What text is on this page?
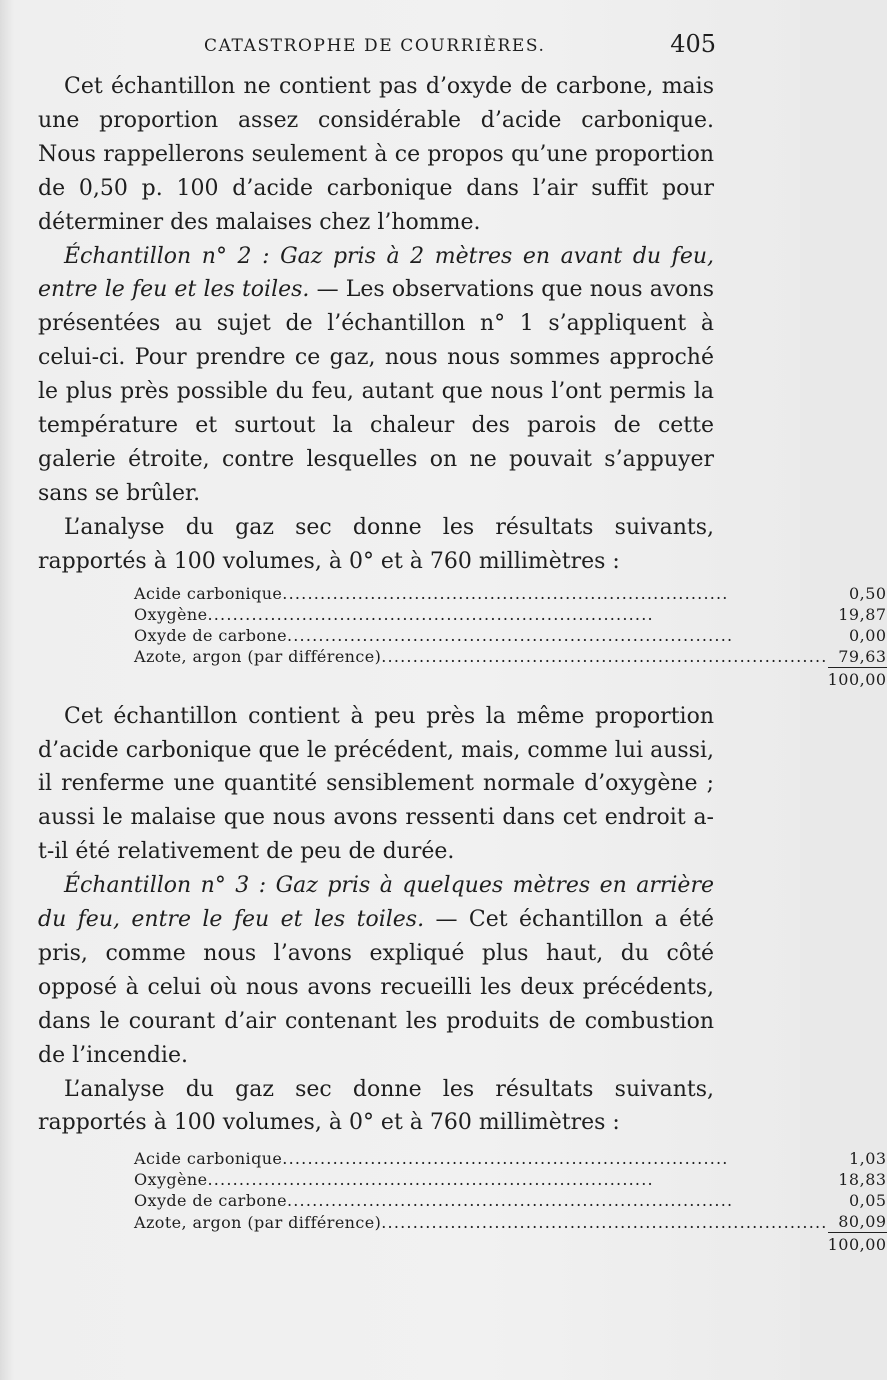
CATASTROPHE DE COURRIÈRES.	405

Cet échantillon ne contient pas d’oxyde de carbone, mais une proportion assez considérable d’acide carbonique. Nous rappellerons seulement à ce propos qu’une proportion de 0,50 p. 100 d’acide carbonique dans l’air suffit pour déterminer des malaises chez l’homme.

Échantillon n° 2 : Gaz pris à 2 mètres en avant du feu, entre le feu et les toiles. — Les observations que nous avons présentées au sujet de l’échantillon n° 1 s’appliquent à celui-ci. Pour prendre ce gaz, nous nous sommes approché le plus près possible du feu, autant que nous l’ont permis la température et surtout la chaleur des parois de cette galerie étroite, contre lesquelles on ne pouvait s’appuyer sans se brûler.

L’analyse du gaz sec donne les résultats suivants, rapportés à 100 volumes, à 0° et à 760 millimètres :

Acide carbonique .......................................................................	0,50

Oxygène .......................................................................	19,87

Oxyde de carbone .......................................................................	0,00

Azote, argon (par différence) .......................................................................	79,63
	100,00

Cet échantillon contient à peu près la même proportion d’acide carbonique que le précédent, mais, comme lui aussi, il renferme une quantité sensiblement normale d’oxygène ; aussi le malaise que nous avons ressenti dans cet endroit a-t-il été relativement de peu de durée.

Échantillon n° 3 : Gaz pris à quelques mètres en arrière du feu, entre le feu et les toiles. — Cet échantillon a été pris, comme nous l’avons expliqué plus haut, du côté opposé à celui où nous avons recueilli les deux précédents, dans le courant d’air contenant les produits de combustion de l’incendie.

L’analyse du gaz sec donne les résultats suivants, rapportés à 100 volumes, à 0° et à 760 millimètres :

Acide carbonique .......................................................................	1,03

Oxygène .......................................................................	18,83

Oxyde de carbone .......................................................................	0,05

Azote, argon (par différence) .......................................................................	80,09
	100,00
